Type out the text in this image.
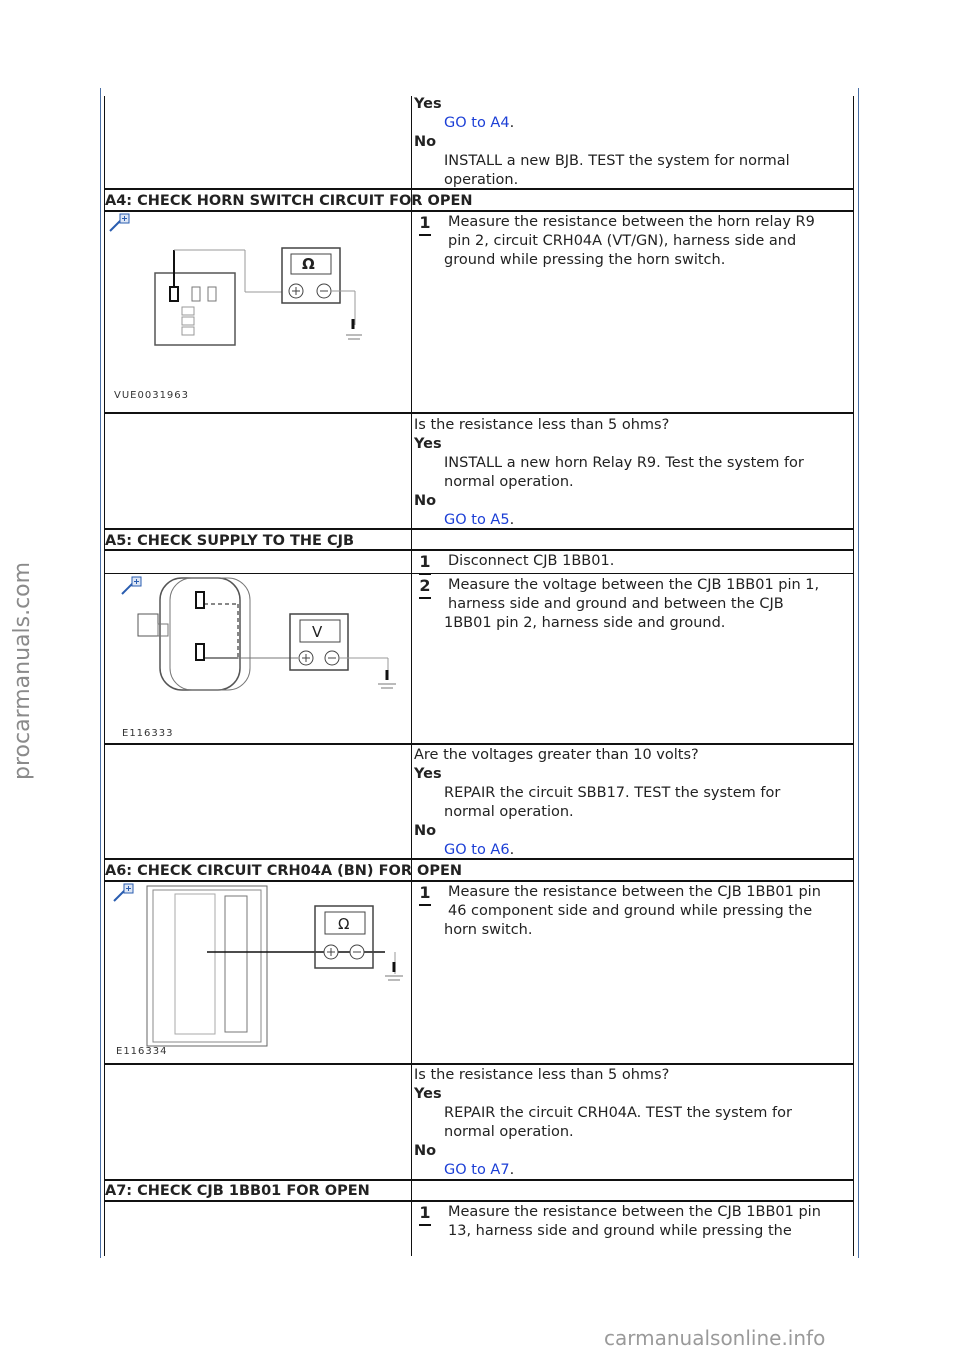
Yes
GO to A4.
No
INSTALL a new BJB. TEST the system for normal
operation.
A4: CHECK HORN SWITCH CIRCUIT FOR OPEN
Ω
VUE0031963
1 Measure the resistance between the horn relay R9
pin 2, circuit CRH04A (VT/GN), harness side and
ground while pressing the horn switch.
Is the resistance less than 5 ohms?
Yes
INSTALL a new horn Relay R9. Test the system for
normal operation.
No
GO to A5.
A5: CHECK SUPPLY TO THE CJB
1 Disconnect CJB 1BB01.
V
E116333
2 Measure the voltage between the CJB 1BB01 pin 1,
harness side and ground and between the CJB
1BB01 pin 2, harness side and ground.
Are the voltages greater than 10 volts?
Yes
REPAIR the circuit SBB17. TEST the system for
normal operation.
No
GO to A6.
A6: CHECK CIRCUIT CRH04A (BN) FOR OPEN
Ω
E116334
1 Measure the resistance between the CJB 1BB01 pin
46 component side and ground while pressing the
horn switch.
Is the resistance less than 5 ohms?
Yes
REPAIR the circuit CRH04A. TEST the system for
normal operation.
No
GO to A7.
A7: CHECK CJB 1BB01 FOR OPEN
1 Measure the resistance between the CJB 1BB01 pin
13, harness side and ground while pressing the
procarmanuals.com
carmanualsonline.info
